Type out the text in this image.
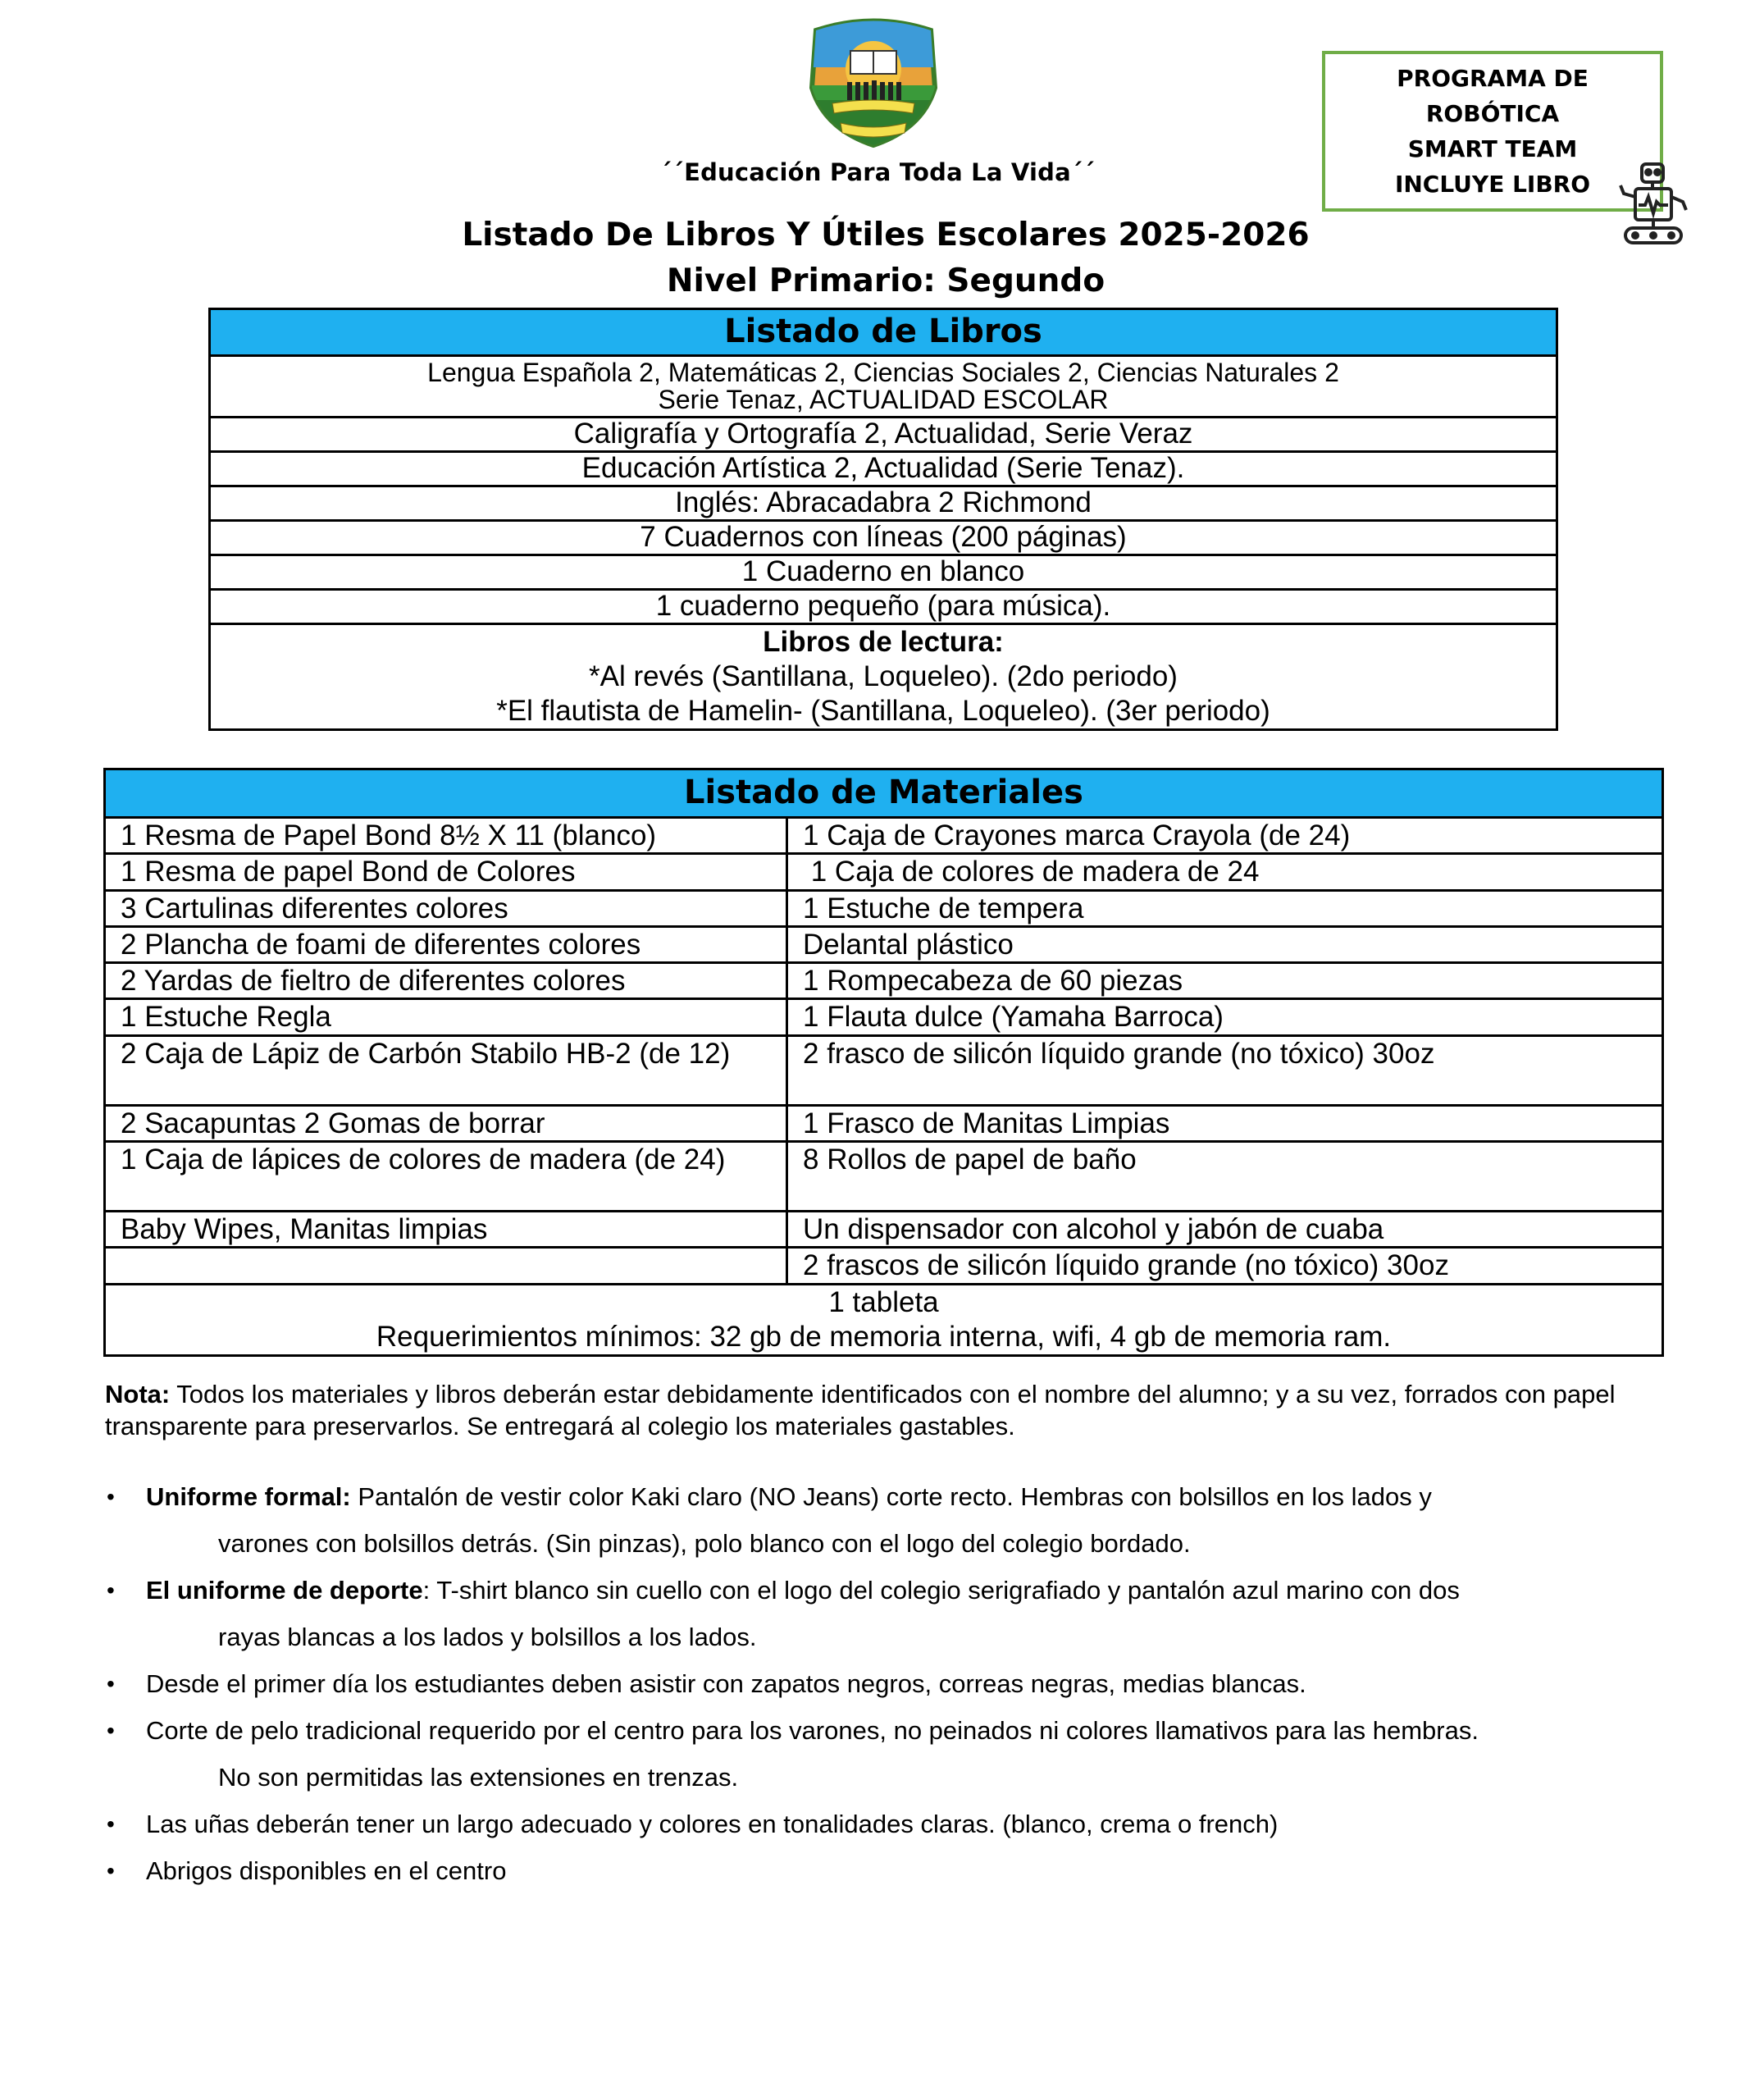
´´Educación Para Toda La Vida´´
PROGRAMA DE
ROBÓTICA
SMART TEAM
INCLUYE LIBRO
Listado De Libros Y Útiles Escolares 2025-2026
Nivel Primario: Segundo
Listado de Libros

Lengua Española 2, Matemáticas 2, Ciencias Sociales 2, Ciencias Naturales 2
Serie Tenaz, ACTUALIDAD ESCOLAR

Caligrafía y Ortografía 2, Actualidad, Serie Veraz
Educación Artística 2, Actualidad (Serie Tenaz).
Inglés: Abracadabra 2 Richmond
7 Cuadernos con líneas (200 páginas)
1 Cuaderno en blanco
1 cuaderno pequeño (para música).

Libros de lectura:
*Al revés (Santillana, Loqueleo). (2do periodo)
*El flautista de Hamelin- (Santillana, Loqueleo). (3er periodo)
Listado de Materiales	
1 Resma de Papel Bond 8½ X 11 (blanco)	1 Caja de Crayones marca Crayola (de 24)
1 Resma de papel Bond de Colores	1 Caja de colores de madera de 24
3 Cartulinas diferentes colores	1 Estuche de tempera
2 Plancha de foami de diferentes colores	Delantal plástico
2 Yardas de fieltro de diferentes colores	1 Rompecabeza de 60 piezas
1 Estuche Regla	1 Flauta dulce (Yamaha Barroca)
2 Caja de Lápiz de Carbón Stabilo HB-2 (de 12)	2 frasco de silicón líquido grande (no tóxico) 30oz
2 Sacapuntas 2 Gomas de borrar	1 Frasco de Manitas Limpias
1 Caja de lápices de colores de madera (de 24)	8 Rollos de papel de baño
Baby Wipes, Manitas limpias	Un dispensador con alcohol y jabón de cuaba
	2 frascos de silicón líquido grande (no tóxico) 30oz

1 tableta
Requerimientos mínimos: 32 gb de memoria interna, wifi, 4 gb de memoria ram.	
Nota: Todos los materiales y libros deberán estar debidamente identificados con el nombre del alumno; y a su vez, forrados con papel transparente para preservarlos. Se entregará al colegio los materiales gastables.
• Uniforme formal: Pantalón de vestir color Kaki claro (NO Jeans) corte recto. Hembras con bolsillos en los lados y
varones con bolsillos detrás. (Sin pinzas), polo blanco con el logo del colegio bordado.
• El uniforme de deporte: T-shirt blanco sin cuello con el logo del colegio serigrafiado y pantalón azul marino con dos
rayas blancas a los lados y bolsillos a los lados.
• Desde el primer día los estudiantes deben asistir con zapatos negros, correas negras, medias blancas.
• Corte de pelo tradicional requerido por el centro para los varones, no peinados ni colores llamativos para las hembras.
No son permitidas las extensiones en trenzas.
• Las uñas deberán tener un largo adecuado y colores en tonalidades claras. (blanco, crema o french)
• Abrigos disponibles en el centro
